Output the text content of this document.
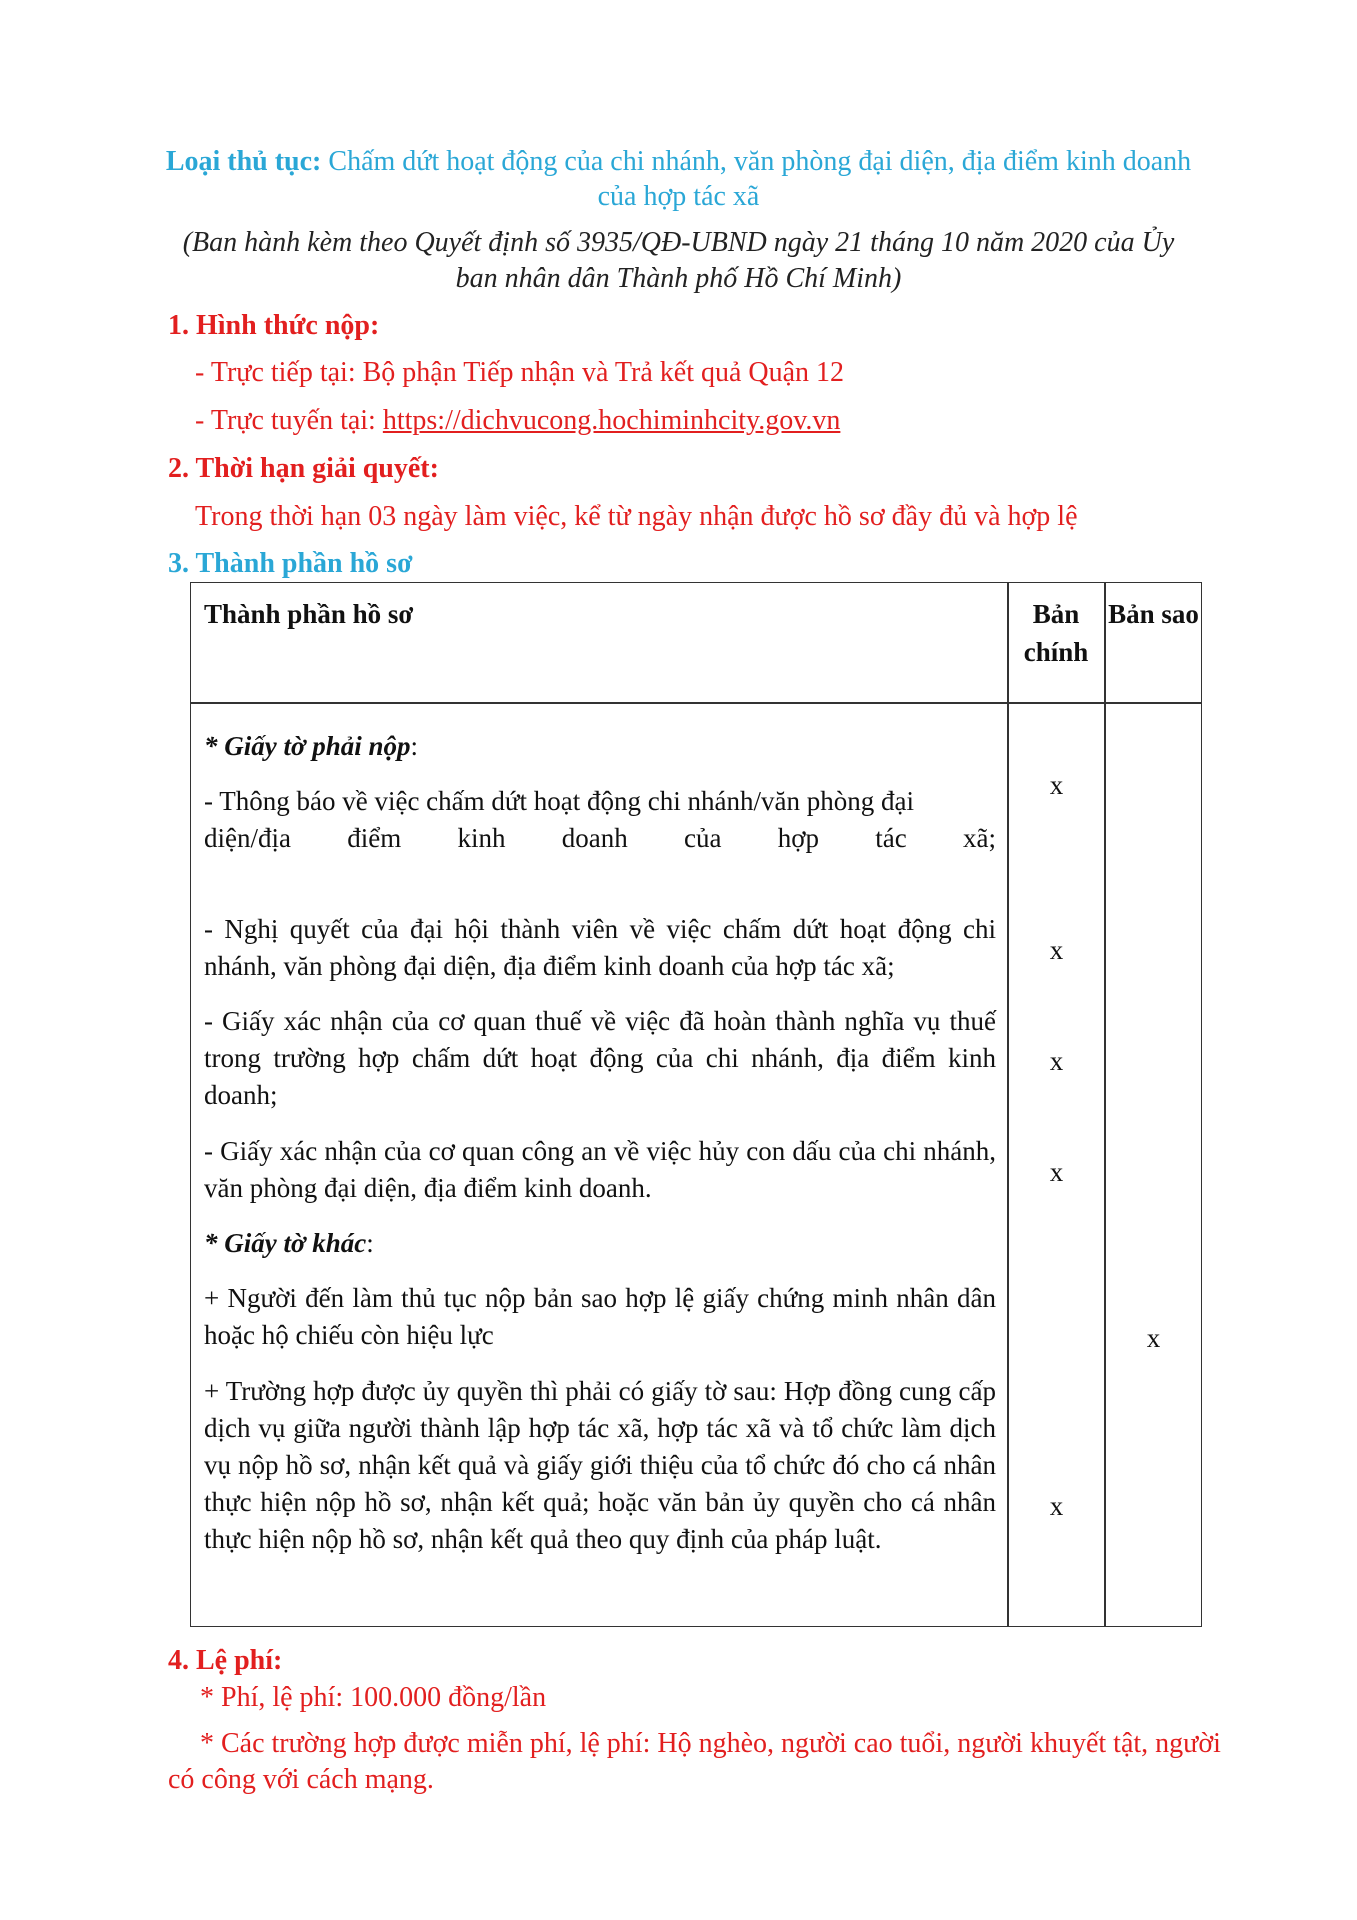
Loại thủ tục: Chấm dứt hoạt động của chi nhánh, văn phòng đại diện, địa điểm kinh doanh
của hợp tác xã
(Ban hành kèm theo Quyết định số 3935/QĐ-UBND ngày 21 tháng 10 năm 2020 của Ủy
ban nhân dân Thành phố Hồ Chí Minh)
1. Hình thức nộp:
- Trực tiếp tại: Bộ phận Tiếp nhận và Trả kết quả Quận 12
- Trực tuyến tại: https://dichvucong.hochiminhcity.gov.vn
2. Thời hạn giải quyết:
Trong thời hạn 03 ngày làm việc, kể từ ngày nhận được hồ sơ đầy đủ và hợp lệ
3. Thành phần hồ sơ
Thành phần hồ sơ	Bản chính
Bản sao
* Giấy tờ phải nộp:
- Thông báo về việc chấm dứt hoạt động chi nhánh/văn phòng đại
diện/địa điểm kinh doanh của hợp tác xã;
- Nghị quyết của đại hội thành viên về việc chấm dứt hoạt động chi nhánh, văn phòng đại diện, địa điểm kinh doanh của hợp tác xã;
- Giấy xác nhận của cơ quan thuế về việc đã hoàn thành nghĩa vụ thuế trong trường hợp chấm dứt hoạt động của chi nhánh, địa điểm kinh doanh;
- Giấy xác nhận của cơ quan công an về việc hủy con dấu của chi nhánh, văn phòng đại diện, địa điểm kinh doanh.
* Giấy tờ khác:
+ Người đến làm thủ tục nộp bản sao hợp lệ giấy chứng minh nhân dân hoặc hộ chiếu còn hiệu lực
+ Trường hợp được ủy quyền thì phải có giấy tờ sau: Hợp đồng cung cấp dịch vụ giữa người thành lập hợp tác xã, hợp tác xã và tổ chức làm dịch vụ nộp hồ sơ, nhận kết quả và giấy giới thiệu của tổ chức đó cho cá nhân thực hiện nộp hồ sơ, nhận kết quả; hoặc văn bản ủy quyền cho cá nhân thực hiện nộp hồ sơ, nhận kết quả theo quy định của pháp luật.
x
x
x
x
x
x
4. Lệ phí:
* Phí, lệ phí: 100.000 đồng/lần
* Các trường hợp được miễn phí, lệ phí: Hộ nghèo, người cao tuổi, người khuyết tật, người
có công với cách mạng.
